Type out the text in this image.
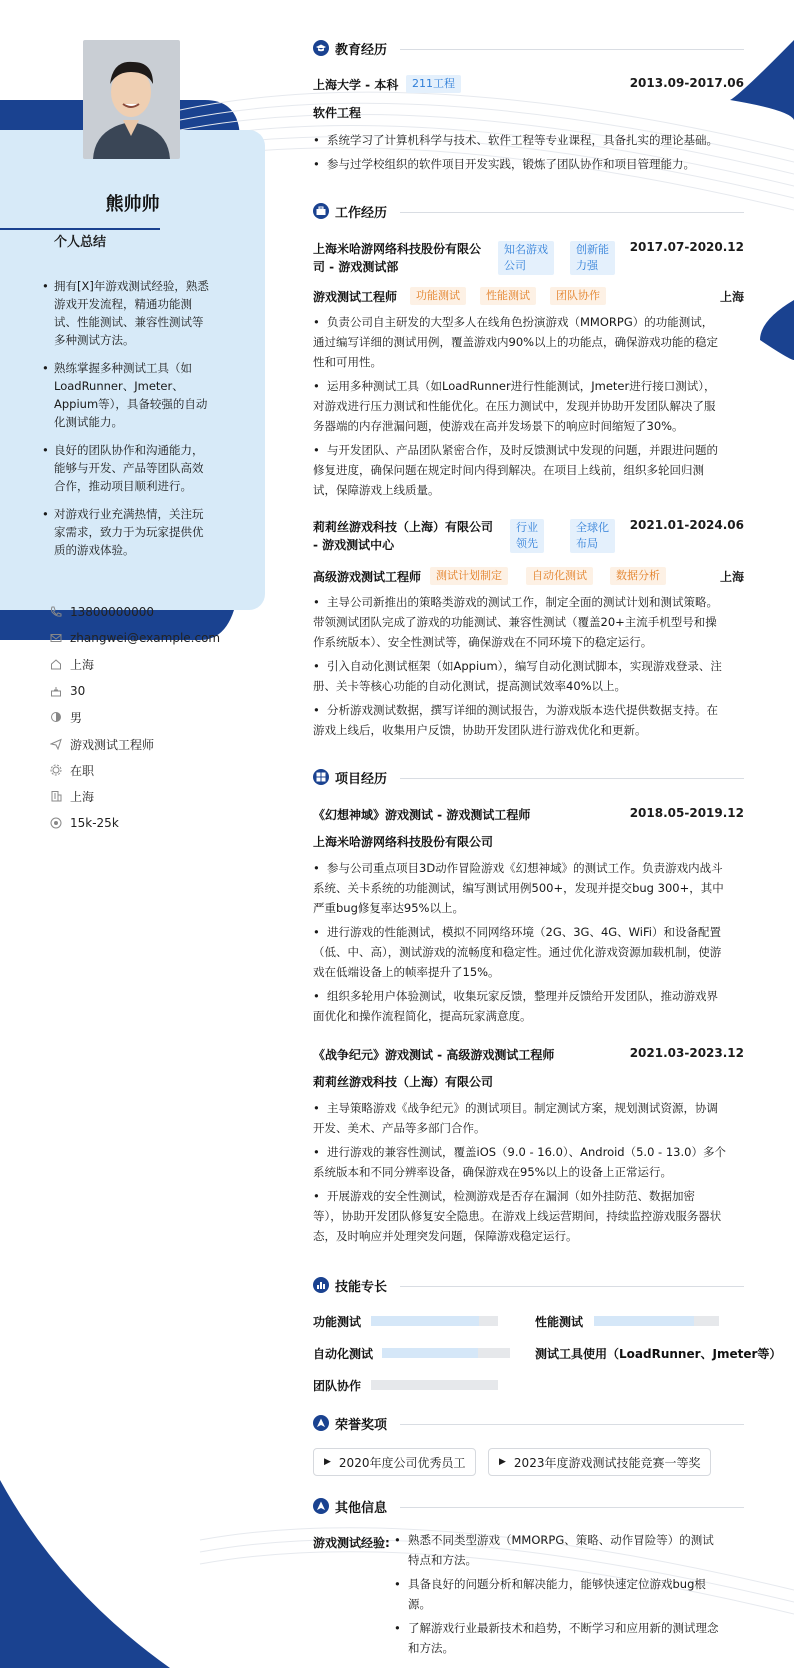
熊帅帅
个人总结
• 拥有[X]年游戏测试经验，熟悉游戏开发流程，精通功能测试、性能测试、兼容性测试等多种测试方法。
• 熟练掌握多种测试工具（如LoadRunner、Jmeter、Appium等），具备较强的自动化测试能力。
• 良好的团队协作和沟通能力，能够与开发、产品等团队高效合作，推动项目顺利进行。
• 对游戏行业充满热情，关注玩家需求，致力于为玩家提供优质的游戏体验。
13800000000
zhangwei@example.com
上海
30
男
游戏测试工程师
在职
上海
15k-25k
教育经历
上海大学 - 本科	211工程	2013.09-2017.06
软件工程
• 系统学习了计算机科学与技术、软件工程等专业课程，具备扎实的理论基础。
• 参与过学校组织的软件项目开发实践，锻炼了团队协作和项目管理能力。
工作经历
上海米哈游网络科技股份有限公
司 - 游戏测试部
知名游戏
公司
创新能
力强
2017.07-2020.12
游戏测试工程师	功能测试	性能测试	团队协作	上海
• 负责公司自主研发的大型多人在线角色扮演游戏（MMORPG）的功能测试，
通过编写详细的测试用例，覆盖游戏内90%以上的功能点，确保游戏功能的稳定
性和可用性。
• 运用多种测试工具（如LoadRunner进行性能测试，Jmeter进行接口测试），
对游戏进行压力测试和性能优化。在压力测试中，发现并协助开发团队解决了服
务器端的内存泄漏问题，使游戏在高并发场景下的响应时间缩短了30%。
• 与开发团队、产品团队紧密合作，及时反馈测试中发现的问题，并跟进问题的
修复进度，确保问题在规定时间内得到解决。在项目上线前，组织多轮回归测
试，保障游戏上线质量。
莉莉丝游戏科技（上海）有限公司
- 游戏测试中心
行业
领先
全球化
布局
2021.01-2024.06
高级游戏测试工程师	测试计划制定	自动化测试	数据分析	上海
• 主导公司新推出的策略类游戏的测试工作，制定全面的测试计划和测试策略。
带领测试团队完成了游戏的功能测试、兼容性测试（覆盖20+主流手机型号和操
作系统版本）、安全性测试等，确保游戏在不同环境下的稳定运行。
• 引入自动化测试框架（如Appium），编写自动化测试脚本，实现游戏登录、注
册、关卡等核心功能的自动化测试，提高测试效率40%以上。
• 分析游戏测试数据，撰写详细的测试报告，为游戏版本迭代提供数据支持。在
游戏上线后，收集用户反馈，协助开发团队进行游戏优化和更新。
项目经历
《幻想神域》游戏测试 - 游戏测试工程师	2018.05-2019.12
上海米哈游网络科技股份有限公司
• 参与公司重点项目3D动作冒险游戏《幻想神域》的测试工作。负责游戏内战斗
系统、关卡系统的功能测试，编写测试用例500+，发现并提交bug 300+，其中
严重bug修复率达95%以上。
• 进行游戏的性能测试，模拟不同网络环境（2G、3G、4G、WiFi）和设备配置
（低、中、高），测试游戏的流畅度和稳定性。通过优化游戏资源加载机制，使游
戏在低端设备上的帧率提升了15%。
• 组织多轮用户体验测试，收集玩家反馈，整理并反馈给开发团队，推动游戏界
面优化和操作流程简化，提高玩家满意度。
《战争纪元》游戏测试 - 高级游戏测试工程师	2021.03-2023.12
莉莉丝游戏科技（上海）有限公司
• 主导策略游戏《战争纪元》的测试项目。制定测试方案，规划测试资源，协调
开发、美术、产品等多部门合作。
• 进行游戏的兼容性测试，覆盖iOS（9.0 - 16.0）、Android（5.0 - 13.0）多个
系统版本和不同分辨率设备，确保游戏在95%以上的设备上正常运行。
• 开展游戏的安全性测试，检测游戏是否存在漏洞（如外挂防范、数据加密
等），协助开发团队修复安全隐患。在游戏上线运营期间，持续监控游戏服务器状
态，及时响应并处理突发问题，保障游戏稳定运行。
技能专长
功能测试	性能测试
自动化测试	测试工具使用（LoadRunner、Jmeter等）
团队协作
荣誉奖项
▶ 2020年度公司优秀员工	▶ 2023年度游戏测试技能竞赛一等奖
其他信息
游戏测试经验: • 熟悉不同类型游戏（MMORPG、策略、动作冒险等）的测试
特点和方法。
• 具备良好的问题分析和解决能力，能够快速定位游戏bug根
源。
• 了解游戏行业最新技术和趋势，不断学习和应用新的测试理念
和方法。
